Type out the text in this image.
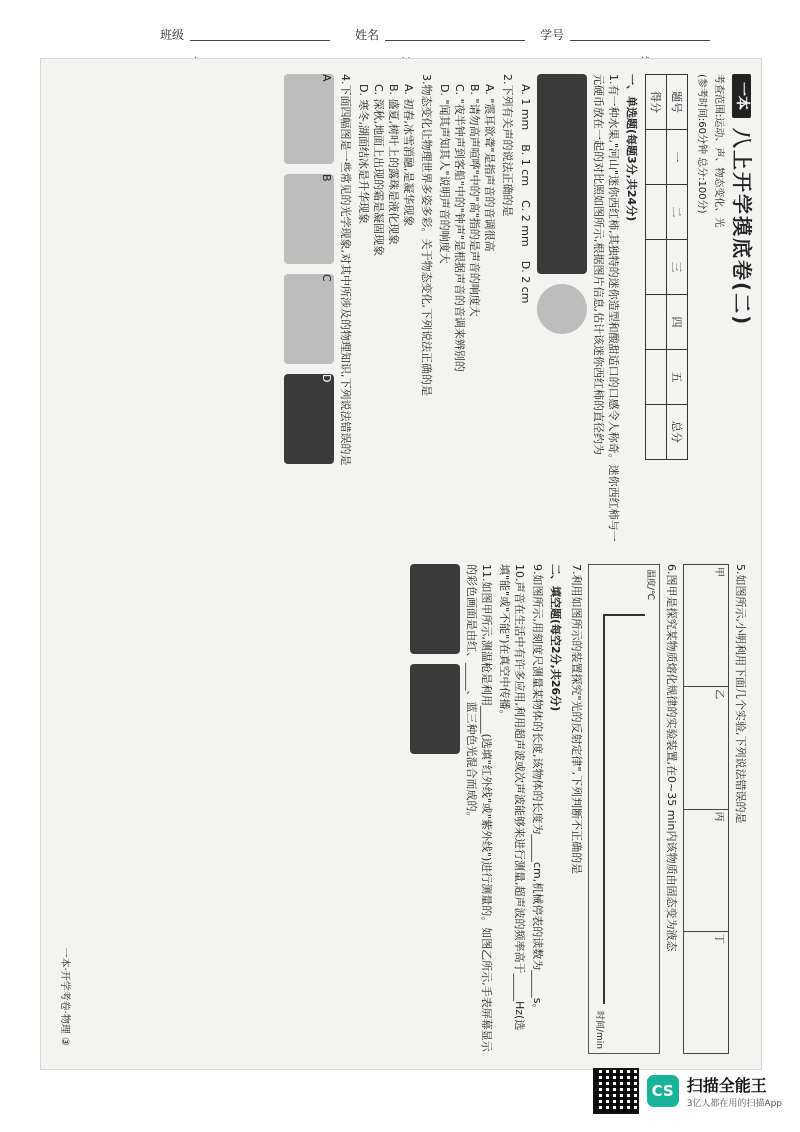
班级	姓名	学号
一本
八上开学摸底卷(二)
考查范围:运动、声、物态变化、光
(参考时间:60分钟 总分:100分)
题号	一	二	三	四	五	总分
得分						
一、单选题(每题3分,共24分)
1.有一种水果,"河山"迷你西红柿,其独特的迷你造型和酸甜适口的口感令人称奇。迷你西红柿与一元硬币放在一起的对比照如图所示,根据图片信息,估计该迷你西红柿的直径约为
A. 1 mm    B. 1 cm    C. 2 mm    D. 2 cm
2.下列有关声的说法正确的是
A. "震耳欲聋"是指声音的音调很高
B. "请勿高声喧哗"中的"高"指的是声音的响度大
C. "夜半钟声到客船"中的"钟声"是根据声音的音调来辨别的
D. "闻其声知其人"说明声音的响度大
3.物态变化让物理世界多姿多彩。关于物态变化,下列说法正确的是
A. 初春,冰雪消融,是凝华现象
B. 盛夏,树叶上的露珠是液化现象
C. 深秋,地面上出现的霜是凝固现象
D. 寒冬,湖面结冰是升华现象
4.下面四幅图是一些常见的光学现象,对其中所涉及的物理知识,下列说法错误的是
A
B
C
D
5.如图所示,小明利用下面几个实验,下列说法错误的是
甲	乙	丙	丁
6.图甲是探究某物质熔化规律的实验装置,在0~35 min内该物质由固态变为液态
温度/℃
时间/min
7.利用如图所示的装置探究"光的反射定律",下列判断不正确的是
二、填空题(每空2分,共26分)
9.如图所示,用刻度尺测量某物体的长度,该物体的长度为_____cm,机械停表的读数为_____s。
10.声音在生活中有许多应用,利用超声波或次声波能够来进行测量,超声波的频率高于_____Hz(选填"能"或"不能")在真空中传播。
11.如图甲所示,测温枪是利用_____(选填"红外线"或"紫外线")进行测量的。如图乙所示,手表屏幕显示的彩色画面是由红、_____、蓝三种色光混合而成的。
一本·开学考卷·物理 ③
CS 扫描全能王
3亿人都在用的扫描App
